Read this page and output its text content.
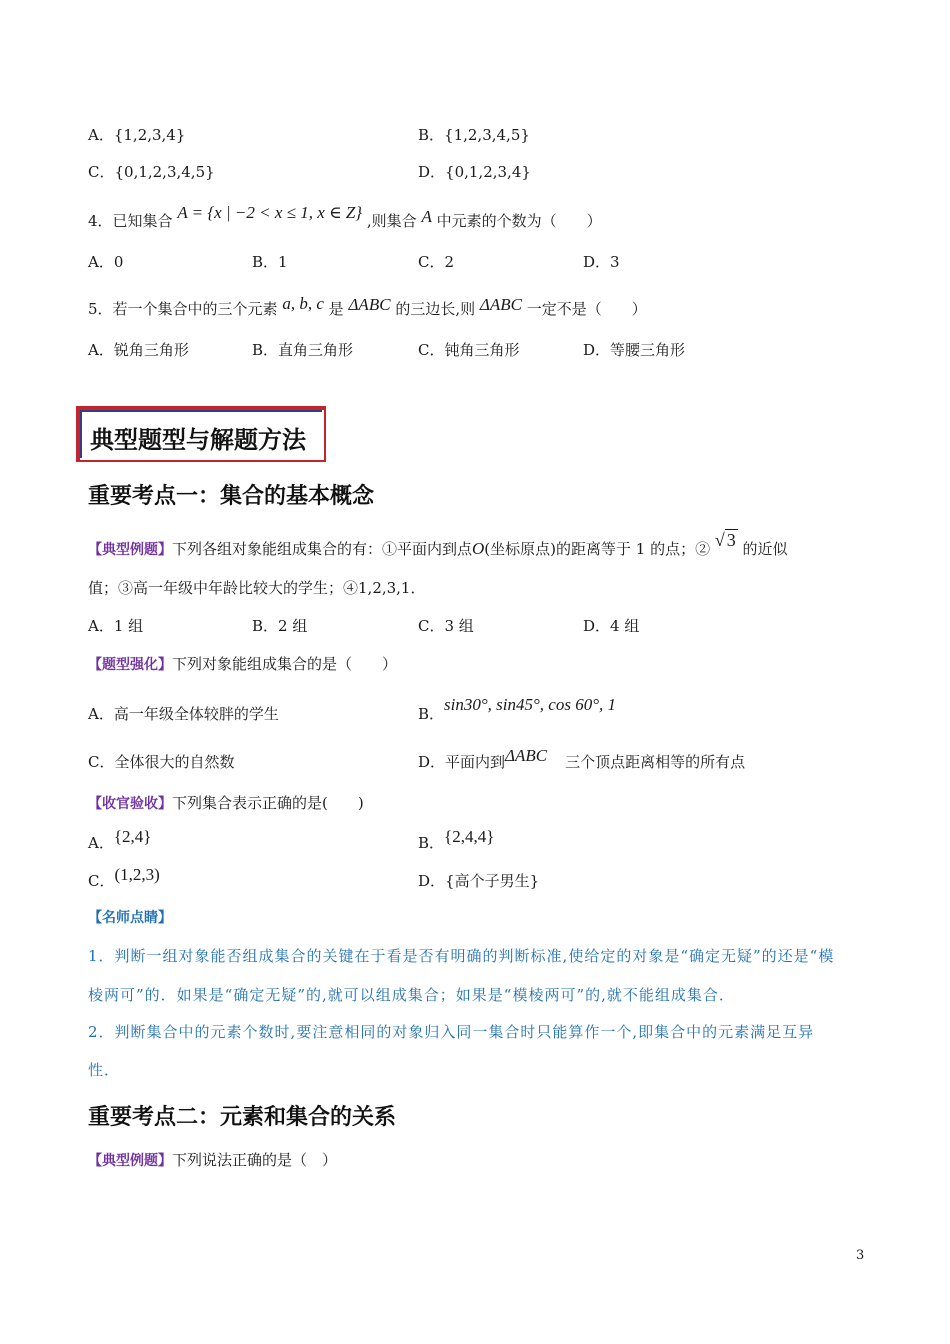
A．{1,2,3,4}	B．{1,2,3,4,5}
C．{0,1,2,3,4,5}	D．{0,1,2,3,4}
4．已知集合 A = {x | −2 < x ≤ 1, x ∈ Z} ,则集合 A 中元素的个数为（　　）
A．0	B．1	C．2	D．3
5．若一个集合中的三个元素 a, b, c 是 ΔABC 的三边长,则 ΔABC 一定不是（　　）
A．锐角三角形	B．直角三角形	C．钝角三角形	D．等腰三角形
典型题型与解题方法
重要考点一：集合的基本概念
【典型例题】下列各组对象能组成集合的有：①平面内到点O(坐标原点)的距离等于 1 的点；② √ 3 的近似
值；③高一年级中年龄比较大的学生；④1,2,3,1．
A．1 组	B．2 组	C．3 组	D．4 组
【题型强化】下列对象能组成集合的是（　　）
A．高一年级全体较胖的学生	B．sin30°, sin45°, cos 60°, 1
C．全体很大的自然数	D．平面内到ΔABC 三个顶点距离相等的所有点
【收官验收】下列集合表示正确的是(　　)
A．{2,4}	B．{2,4,4}
C．(1,2,3)	D．{高个子男生}
【名师点睛】
1．判断一组对象能否组成集合的关键在于看是否有明确的判断标准,使给定的对象是“确定无疑”的还是“模
棱两可”的．如果是“确定无疑”的,就可以组成集合；如果是“模棱两可”的,就不能组成集合．
2．判断集合中的元素个数时,要注意相同的对象归入同一集合时只能算作一个,即集合中的元素满足互异
性．
重要考点二：元素和集合的关系
【典型例题】下列说法正确的是（　）
3
